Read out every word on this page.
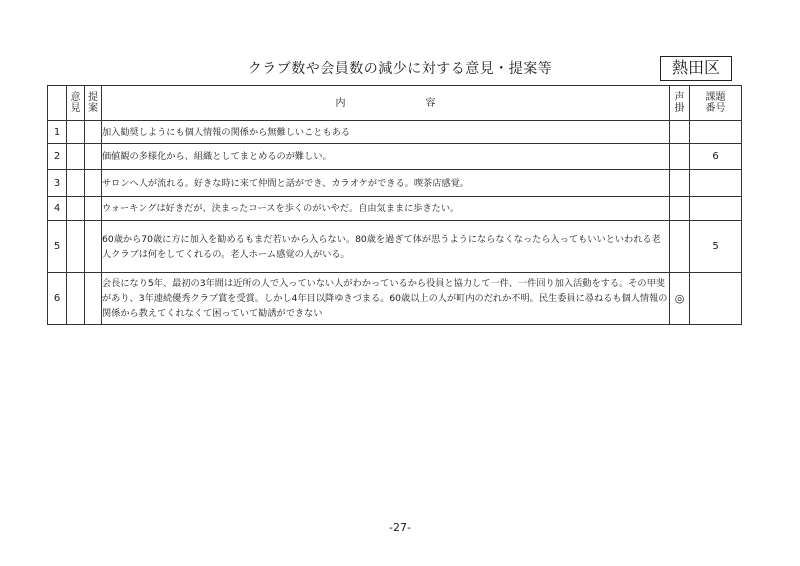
クラブ数や会員数の減少に対する意見・提案等	熱田区

	意見	提案	内　　　　　　　　容	声掛	課題番号
1			加入勧奨しようにも個人情報の関係から無難しいこともある		
2			価値観の多様化から、組織としてまとめるのが難しい。		6
3			サロンへ人が流れる。好きな時に来て仲間と話ができ、カラオケができる。喫茶店感覚。		
4			ウォーキングは好きだが、決まったコースを歩くのがいやだ。自由気ままに歩きたい。		
5			60歳から70歳に方に加入を勧めるもまだ若いから入らない。80歳を過ぎて体が思うようにならなくなったら入ってもいいといわれる老人クラブは何をしてくれるの。老人ホーム感覚の人がいる。		5
6			会長になり5年、最初の3年間は近所の人で入っていない人がわかっているから役員と協力して一件、一件回り加入活動をする。その甲斐があり、3年連続優秀クラブ賞を受賞。しかし4年目以降ゆきづまる。60歳以上の人が町内のだれか不明。民生委員に尋ねるも個人情報の関係から教えてくれなくて困っていて勧誘ができない	◎	
-27-
